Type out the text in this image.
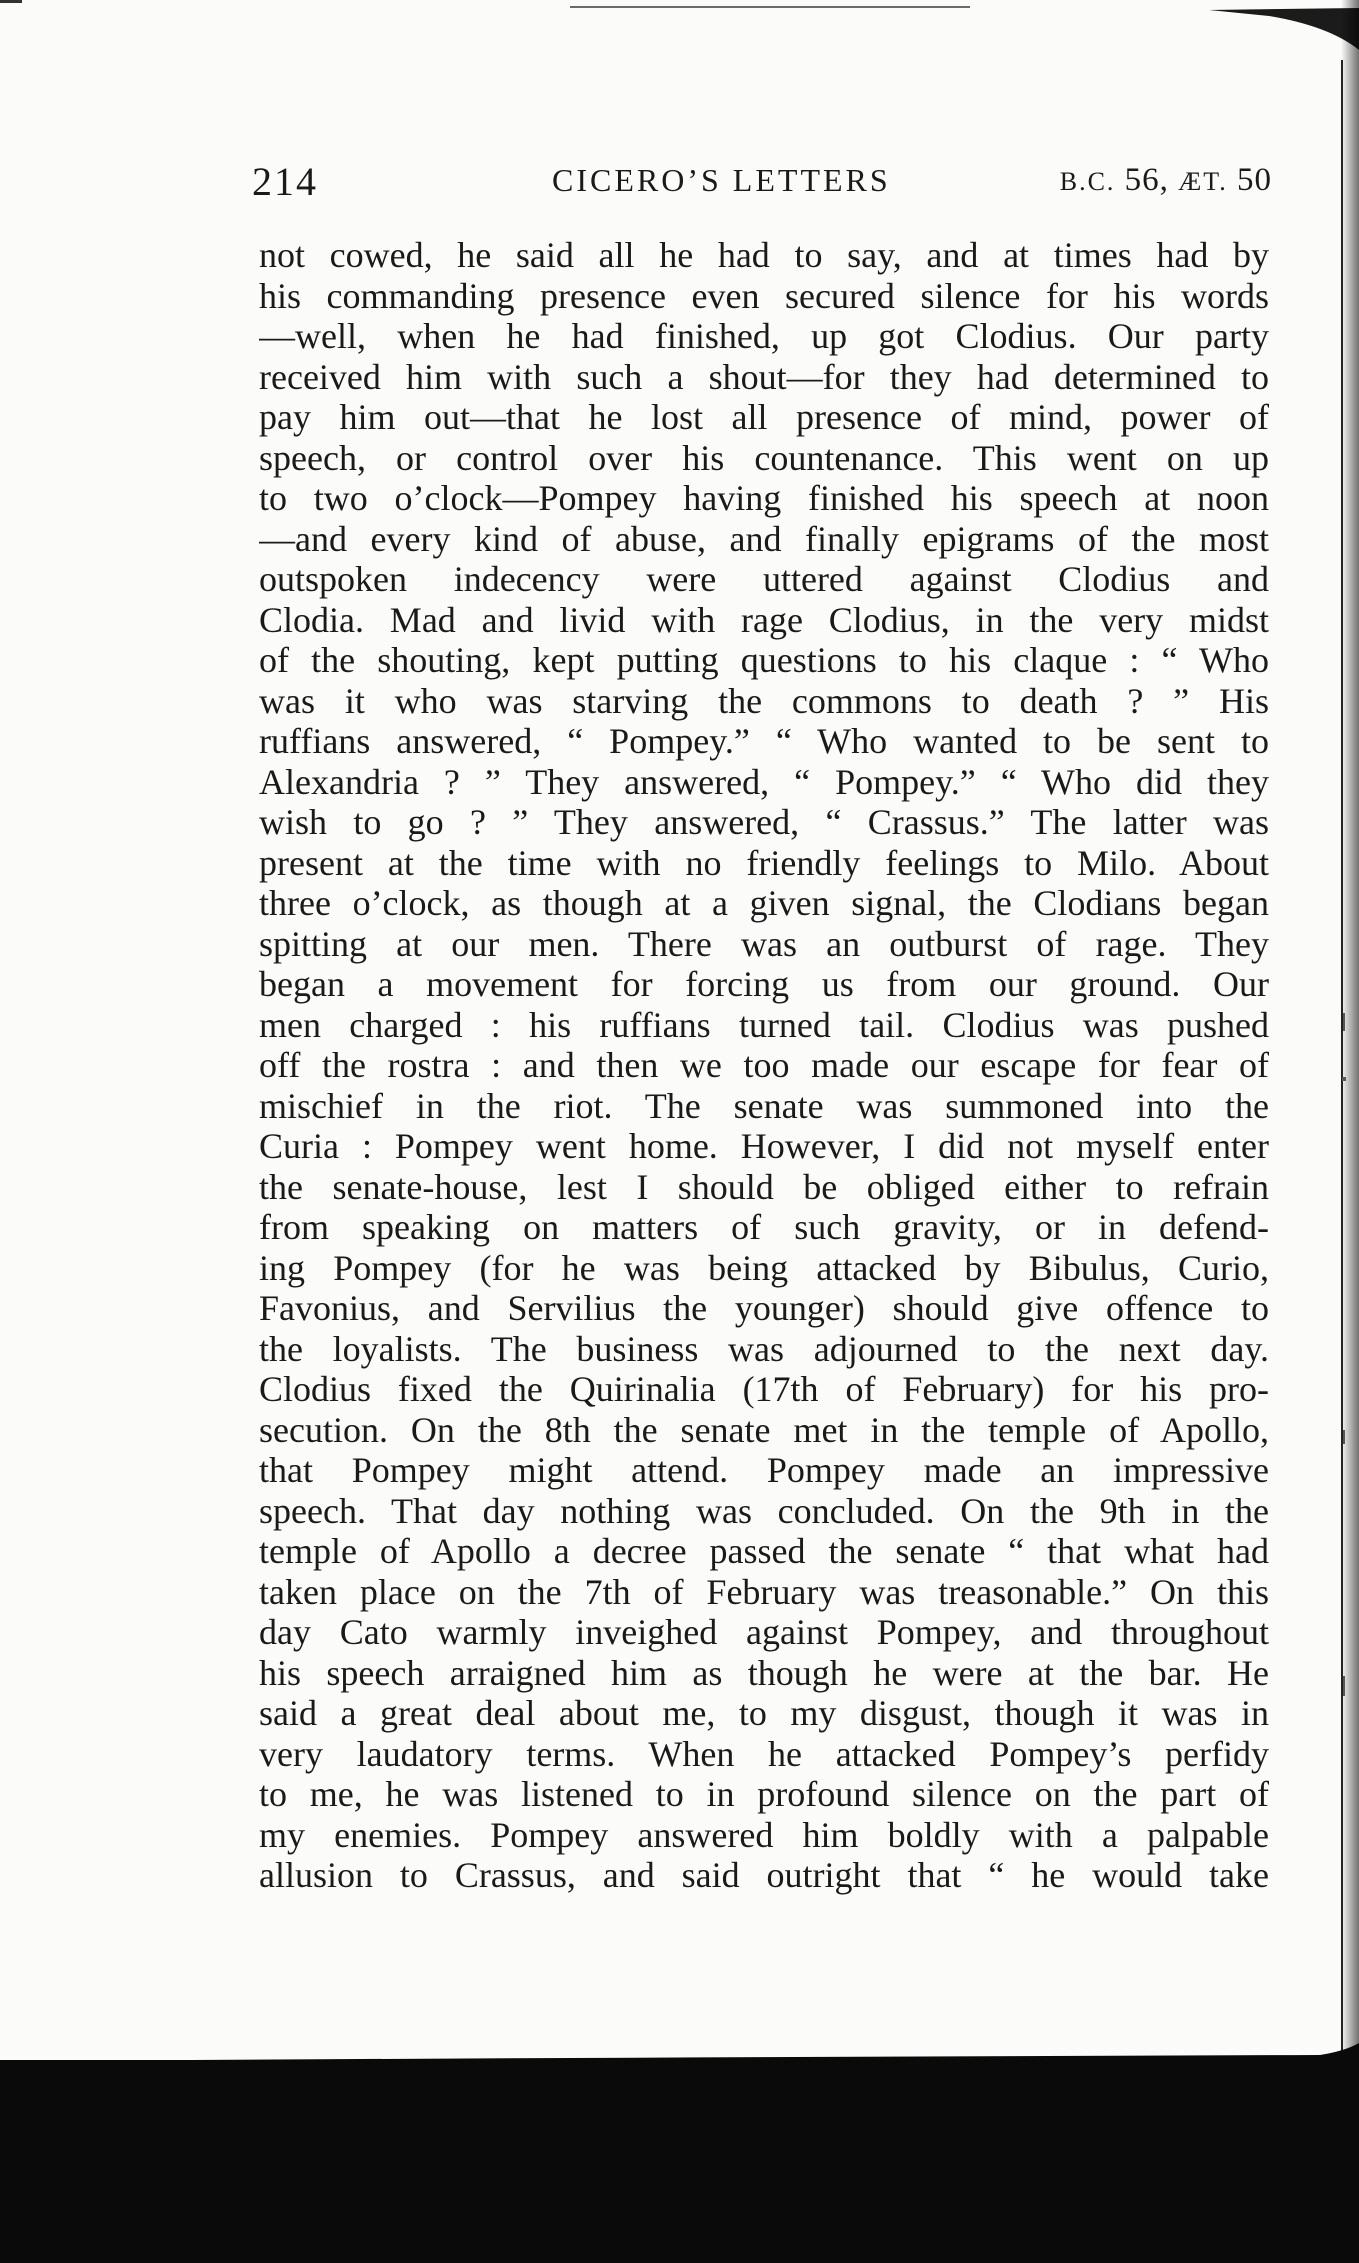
214	CICERO’S LETTERS	B.C. 56, ÆT. 50
not cowed, he said all he had to say, and at times had by
his commanding presence even secured silence for his words
—well, when he had finished, up got Clodius. Our party
received him with such a shout—for they had determined to
pay him out—that he lost all presence of mind, power of
speech, or control over his countenance. This went on up
to two o’clock—Pompey having finished his speech at noon
—and every kind of abuse, and finally epigrams of the most
outspoken indecency were uttered against Clodius and
Clodia. Mad and livid with rage Clodius, in the very midst
of the shouting, kept putting questions to his claque : “ Who
was it who was starving the commons to death ? ” His
ruffians answered, “ Pompey.” “ Who wanted to be sent to
Alexandria ? ” They answered, “ Pompey.” “ Who did they
wish to go ? ” They answered, “ Crassus.” The latter was
present at the time with no friendly feelings to Milo. About
three o’clock, as though at a given signal, the Clodians began
spitting at our men. There was an outburst of rage. They
began a movement for forcing us from our ground. Our
men charged : his ruffians turned tail. Clodius was pushed
off the rostra : and then we too made our escape for fear of
mischief in the riot. The senate was summoned into the
Curia : Pompey went home. However, I did not myself enter
the senate-house, lest I should be obliged either to refrain
from speaking on matters of such gravity, or in defend-
ing Pompey (for he was being attacked by Bibulus, Curio,
Favonius, and Servilius the younger) should give offence to
the loyalists. The business was adjourned to the next day.
Clodius fixed the Quirinalia (17th of February) for his pro-
secution. On the 8th the senate met in the temple of Apollo,
that Pompey might attend. Pompey made an impressive
speech. That day nothing was concluded. On the 9th in the
temple of Apollo a decree passed the senate “ that what had
taken place on the 7th of February was treasonable.” On this
day Cato warmly inveighed against Pompey, and throughout
his speech arraigned him as though he were at the bar. He
said a great deal about me, to my disgust, though it was in
very laudatory terms. When he attacked Pompey’s perfidy
to me, he was listened to in profound silence on the part of
my enemies. Pompey answered him boldly with a palpable
allusion to Crassus, and said outright that “ he would take
